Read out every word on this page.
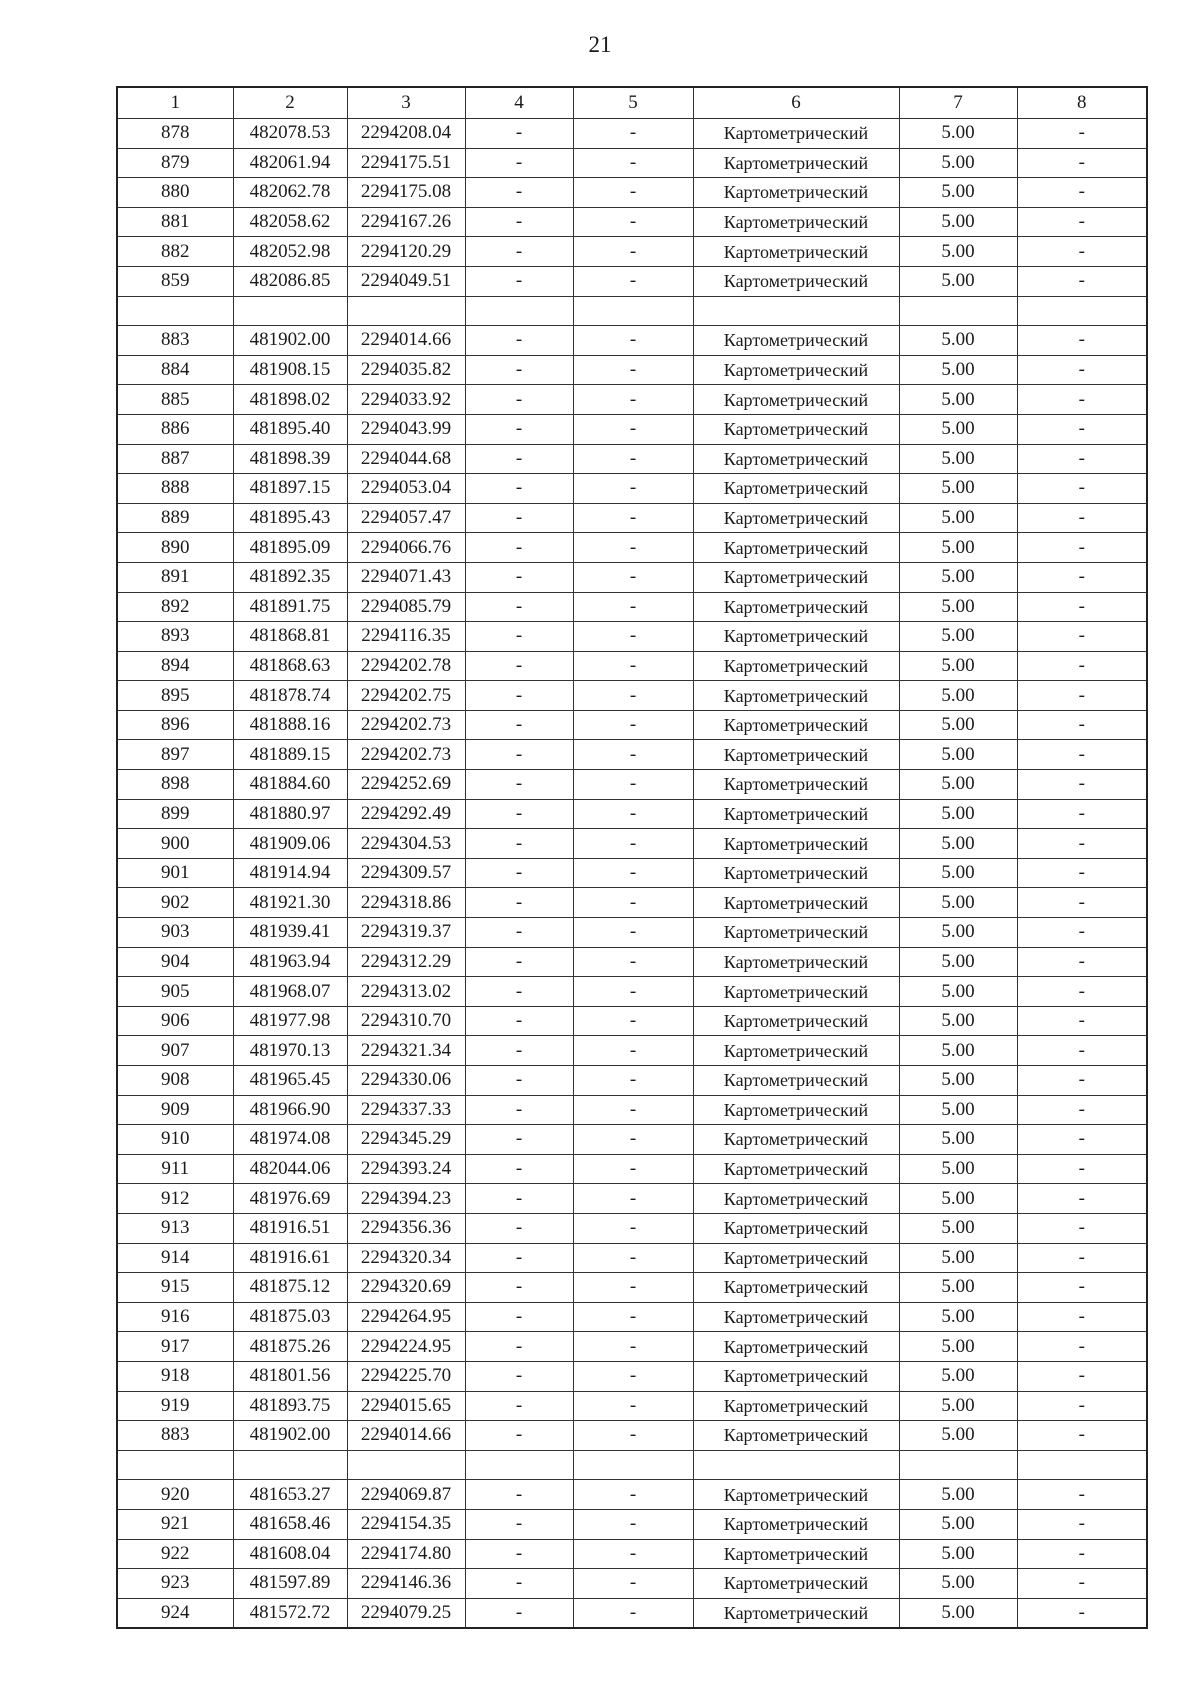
21
1	2	3	4	5	6	7	8
878	482078.53	2294208.04	-	-	Картометрический	5.00	-
879	482061.94	2294175.51	-	-	Картометрический	5.00	-
880	482062.78	2294175.08	-	-	Картометрический	5.00	-
881	482058.62	2294167.26	-	-	Картометрический	5.00	-
882	482052.98	2294120.29	-	-	Картометрический	5.00	-
859	482086.85	2294049.51	-	-	Картометрический	5.00	-

883	481902.00	2294014.66	-	-	Картометрический	5.00	-
884	481908.15	2294035.82	-	-	Картометрический	5.00	-
885	481898.02	2294033.92	-	-	Картометрический	5.00	-
886	481895.40	2294043.99	-	-	Картометрический	5.00	-
887	481898.39	2294044.68	-	-	Картометрический	5.00	-
888	481897.15	2294053.04	-	-	Картометрический	5.00	-
889	481895.43	2294057.47	-	-	Картометрический	5.00	-
890	481895.09	2294066.76	-	-	Картометрический	5.00	-
891	481892.35	2294071.43	-	-	Картометрический	5.00	-
892	481891.75	2294085.79	-	-	Картометрический	5.00	-
893	481868.81	2294116.35	-	-	Картометрический	5.00	-
894	481868.63	2294202.78	-	-	Картометрический	5.00	-
895	481878.74	2294202.75	-	-	Картометрический	5.00	-
896	481888.16	2294202.73	-	-	Картометрический	5.00	-
897	481889.15	2294202.73	-	-	Картометрический	5.00	-
898	481884.60	2294252.69	-	-	Картометрический	5.00	-
899	481880.97	2294292.49	-	-	Картометрический	5.00	-
900	481909.06	2294304.53	-	-	Картометрический	5.00	-
901	481914.94	2294309.57	-	-	Картометрический	5.00	-
902	481921.30	2294318.86	-	-	Картометрический	5.00	-
903	481939.41	2294319.37	-	-	Картометрический	5.00	-
904	481963.94	2294312.29	-	-	Картометрический	5.00	-
905	481968.07	2294313.02	-	-	Картометрический	5.00	-
906	481977.98	2294310.70	-	-	Картометрический	5.00	-
907	481970.13	2294321.34	-	-	Картометрический	5.00	-
908	481965.45	2294330.06	-	-	Картометрический	5.00	-
909	481966.90	2294337.33	-	-	Картометрический	5.00	-
910	481974.08	2294345.29	-	-	Картометрический	5.00	-
911	482044.06	2294393.24	-	-	Картометрический	5.00	-
912	481976.69	2294394.23	-	-	Картометрический	5.00	-
913	481916.51	2294356.36	-	-	Картометрический	5.00	-
914	481916.61	2294320.34	-	-	Картометрический	5.00	-
915	481875.12	2294320.69	-	-	Картометрический	5.00	-
916	481875.03	2294264.95	-	-	Картометрический	5.00	-
917	481875.26	2294224.95	-	-	Картометрический	5.00	-
918	481801.56	2294225.70	-	-	Картометрический	5.00	-
919	481893.75	2294015.65	-	-	Картометрический	5.00	-
883	481902.00	2294014.66	-	-	Картометрический	5.00	-

920	481653.27	2294069.87	-	-	Картометрический	5.00	-
921	481658.46	2294154.35	-	-	Картометрический	5.00	-
922	481608.04	2294174.80	-	-	Картометрический	5.00	-
923	481597.89	2294146.36	-	-	Картометрический	5.00	-
924	481572.72	2294079.25	-	-	Картометрический	5.00	-
